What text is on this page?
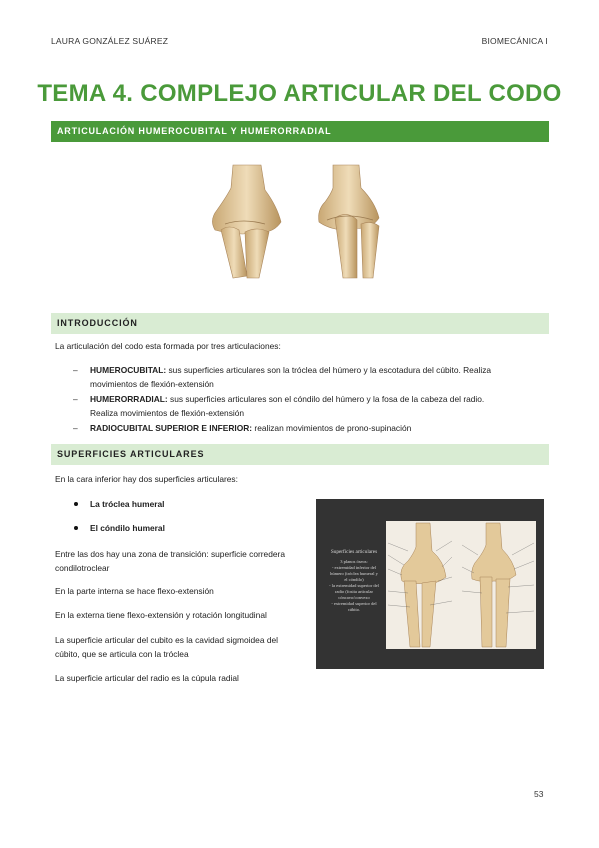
LAURA GONZÁLEZ SUÁREZ	BIOMECÁNICA I
TEMA 4. COMPLEJO ARTICULAR DEL CODO
ARTICULACIÓN HUMEROCUBITAL Y HUMERORRADIAL
INTRODUCCIÓN
La articulación del codo esta formada por tres articulaciones:
– HUMEROCUBITAL: sus superficies articulares son la tróclea del húmero y la escotadura del cúbito. Realiza
movimientos de flexión-extensión
– HUMERORRADIAL: sus superficies articulares son el cóndilo del húmero y la fosa de la cabeza del radio.
Realiza movimientos de flexión-extensión
– RADIOCUBITAL SUPERIOR E INFERIOR: realizan movimientos de prono-supinación
SUPERFICIES ARTICULARES
En la cara inferior hay dos superficies articulares:
La tróclea humeral
El cóndilo humeral
Entre las dos hay una zona de transición: superficie corredera
condilotroclear
En la parte interna se hace flexo-extensión
En la externa tiene flexo-extensión y rotación longitudinal
La superficie articular del cubito es la cavidad sigmoidea del
cúbito, que se articula con la tróclea
La superficie articular del radio es la cúpula radial
Superficies articulares
3 planos óseos:
- extremidad inferior del
húmero (tróclea humeral y
el cóndilo)
- la extremidad superior del
radio (fosita articular
cóncavo/convexo
- extremidad superior del
cúbito.
53
